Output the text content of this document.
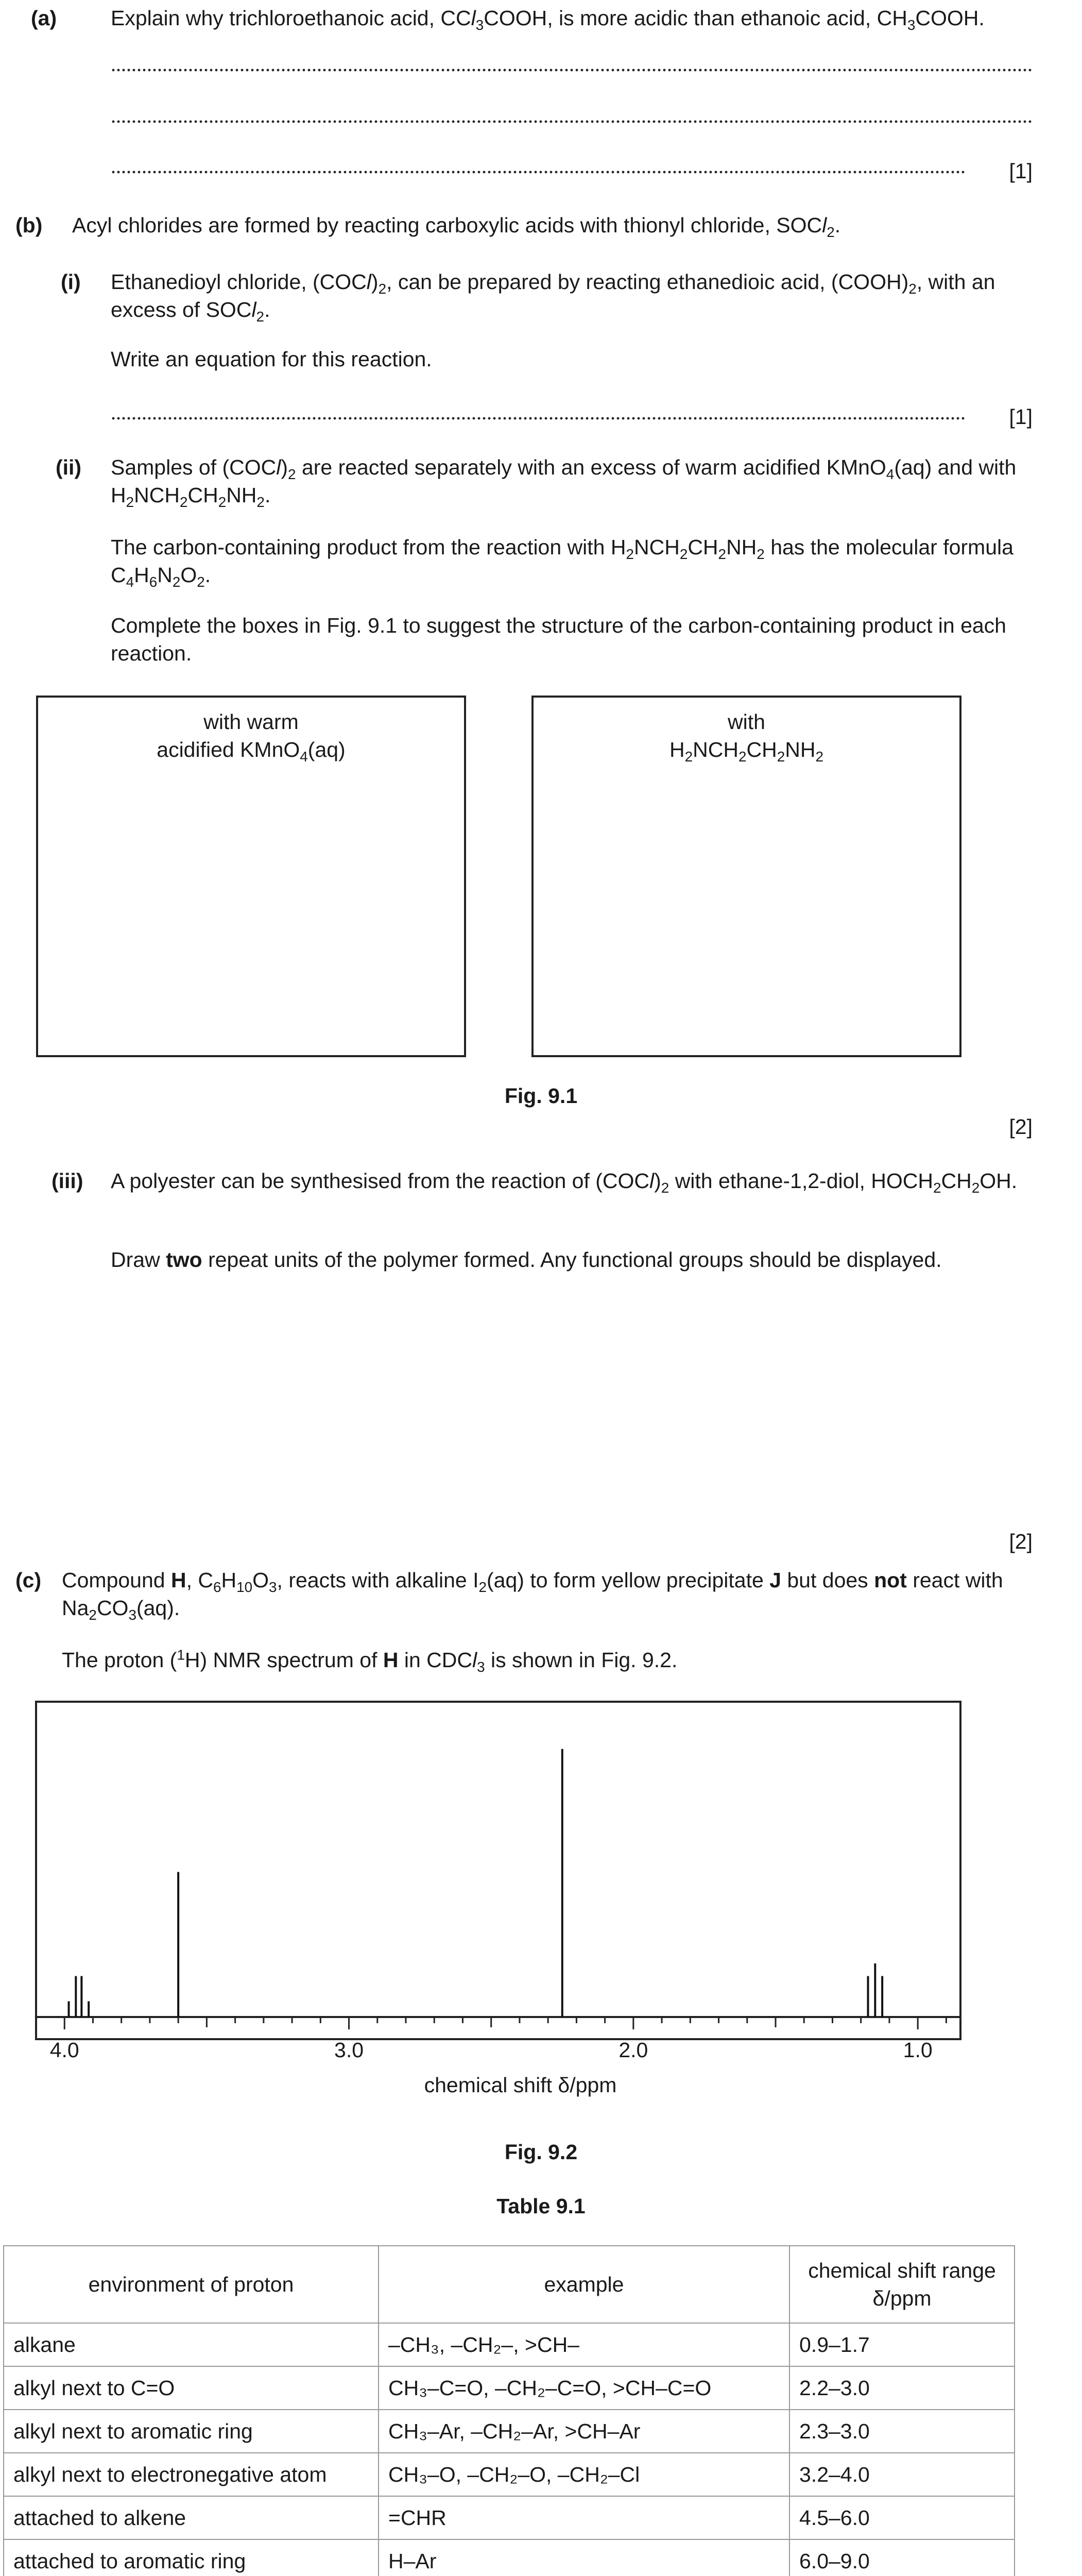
(a)	Explain why trichloroethanoic acid, CCl$_3$COOH, is more acidic than ethanoic acid, $CH_3COOH$.
[1]
(b) Acyl chlorides are formed by reacting carboxylic acids with thionyl chloride, SOCl$_2$.
(i) Ethanedioyl chloride, $(COCl)_2$, can be prepared by reacting ethanedioic acid, $(COOH)_2$, with an excess of SOCl$_2$.
Write an equation for this reaction.
[1]
(ii) Samples of $(COCl)_2$ are reacted separately with an excess of warm acidified KMnO$_4$(aq) and with $H_2NCH_2CH_2NH_2$.
The carbon-containing product from the reaction with $H_2NCH_2CH_2NH_2$ has the molecular formula $C_4H_6N_2O_2$.
Complete the boxes in Fig. 9.1 to suggest the structure of the carbon-containing product in each reaction.
with warm
acidified KMnO$_4$(aq)
with
$H_2NCH_2CH_2NH_2$
Fig. 9.1
[2]
(iii) A polyester can be synthesised from the reaction of $(COCl)_2$ with ethane-1,2-diol, $HOCH_2CH_2OH$.
Draw two repeat units of the polymer formed. Any functional groups should be displayed.
[2]
(c) Compound H, $C_6H_{10}O_3$, reacts with alkaline $I_2(aq)$ to form yellow precipitate J but does not react with $Na_2CO_3(aq)$.
The proton ($^1$H) NMR spectrum of H in CDCl$_3$ is shown in Fig. 9.2.
4.0	3.0	2.0	1.0
chemical shift δ/ppm
Fig. 9.2
Table 9.1
environment of proton	example	chemical shift range δ/ppm
alkane	–CH₃, –CH₂–, >CH–	0.9–1.7
alkyl next to C=O	CH₃–C=O, –CH₂–C=O, >CH–C=O	2.2–3.0
alkyl next to aromatic ring	CH₃–Ar, –CH₂–Ar, >CH–Ar	2.3–3.0
alkyl next to electronegative atom	CH₃–O, –CH₂–O, –CH₂–Cl	3.2–4.0
attached to alkene	=CHR	4.5–6.0
attached to aromatic ring	H–Ar	6.0–9.0
